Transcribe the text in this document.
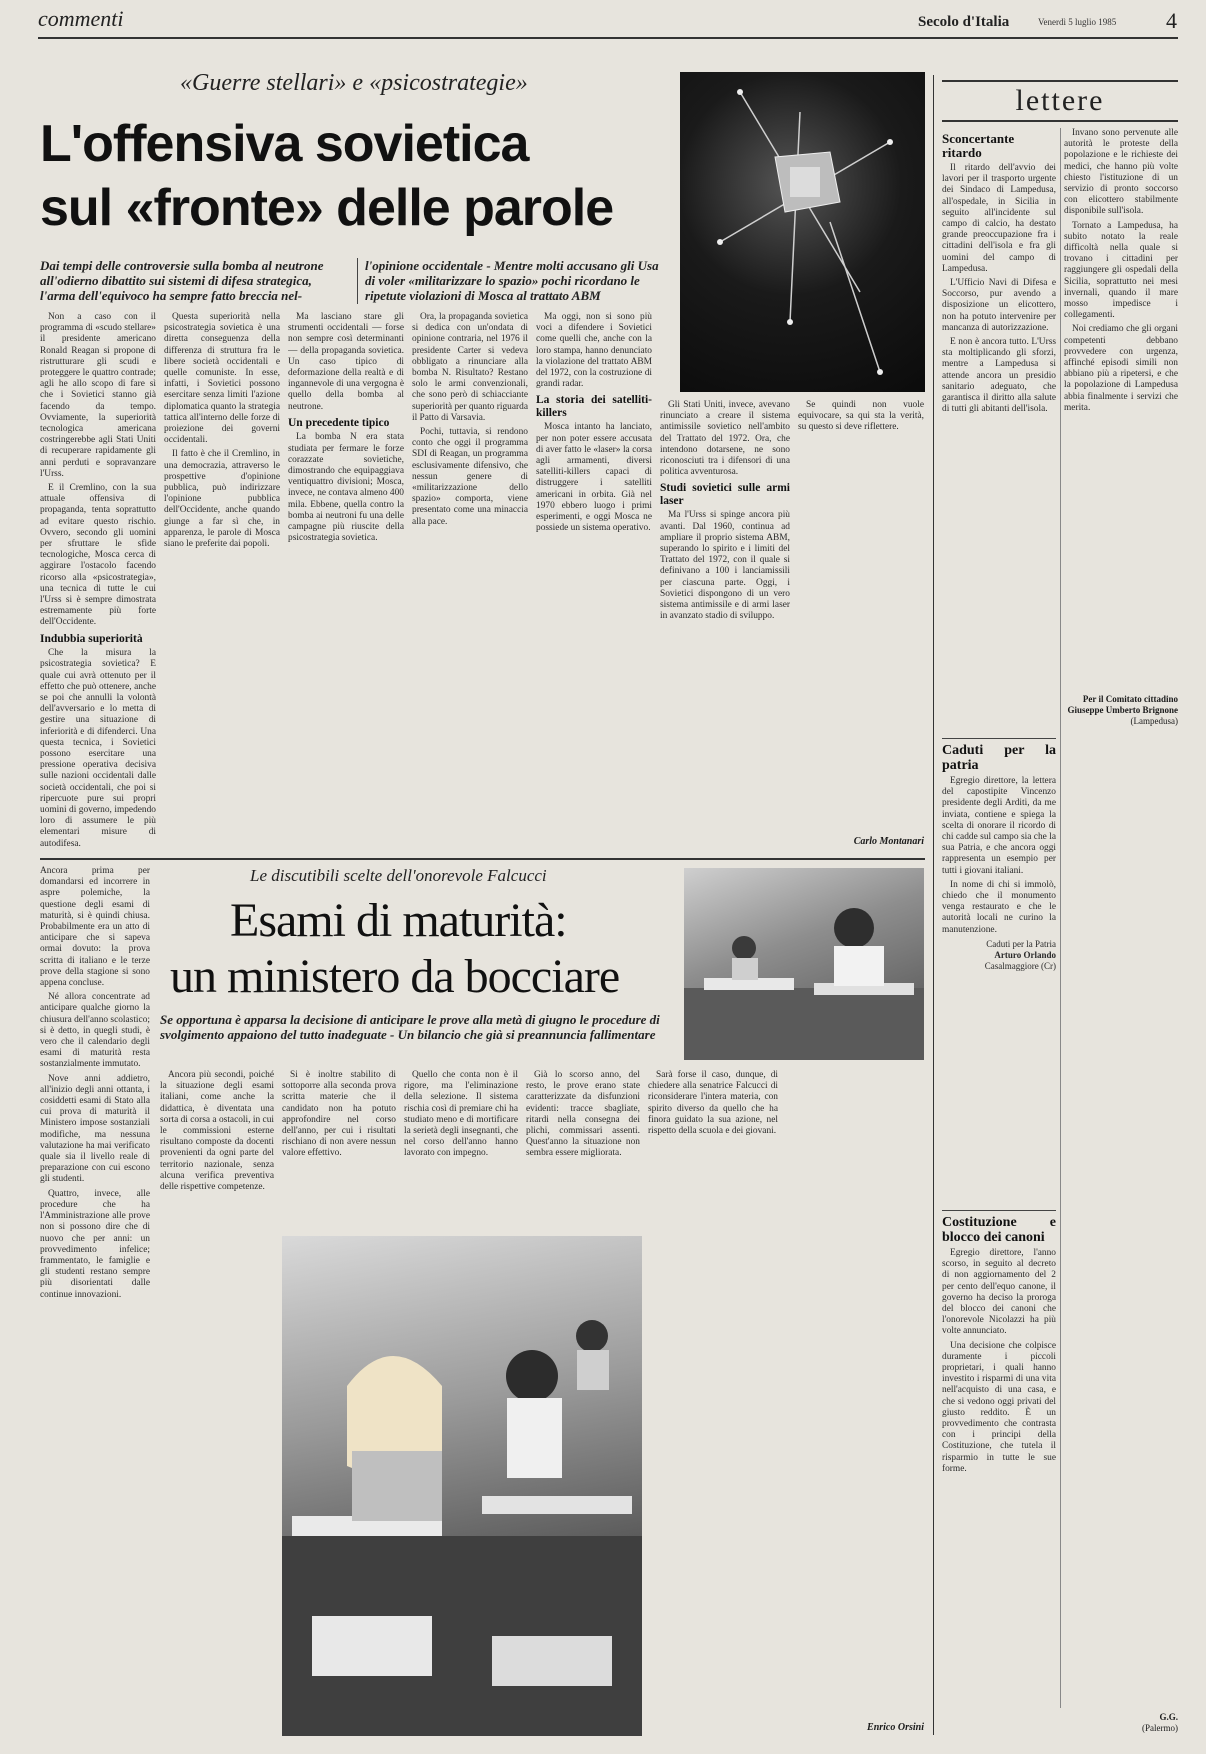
commenti	Secolo d'Italia	Venerdì 5 luglio 1985 4
«Guerre stellari» e «psicostrategie»
L'offensiva sovietica
sul «fronte» delle parole
Dai tempi delle controversie sulla bomba al neutrone all'odierno dibattito sui sistemi di difesa strategica, l'arma dell'equivoco ha sempre fatto breccia nel-
l'opinione occidentale - Mentre molti accusano gli Usa di voler «militarizzare lo spazio» pochi ricordano le ripetute violazioni di Mosca al trattato ABM

Non a caso con il programma di «scudo stellare» il presidente americano Ronald Reagan si propone di ristrutturare gli scudi e proteggere le quattro contrade; agli he allo scopo di fare sì che i Sovietici stanno già facendo da tempo. Ovviamente, la superiorità tecnologica americana costringerebbe agli Stati Uniti di recuperare rapidamente gli anni perduti e sopravanzare l'Urss.

E il Cremlino, con la sua attuale offensiva di propaganda, tenta soprattutto ad evitare questo rischio. Ovvero, secondo gli uomini per sfruttare le sfide tecnologiche, Mosca cerca di aggirare l'ostacolo facendo ricorso alla «psicostrategia», una tecnica di tutte le cui l'Urss si è sempre dimostrata estremamente più forte dell'Occidente.

Indubbia superiorità

Che la misura la psicostrategia sovietica? E quale cui avrà ottenuto per il effetto che può ottenere, anche se poi che annulli la volontà dell'avversario e lo metta di gestire una situazione di inferiorità e di difenderci. Una questa tecnica, i Sovietici possono esercitare una pressione operativa decisiva sulle nazioni occidentali dalle società occidentali, che poi si ripercuote pure sui propri uomini di governo, impedendo loro di assumere le più elementari misure di autodifesa.

Questa superiorità nella psicostrategia sovietica è una diretta conseguenza della differenza di struttura fra le libere società occidentali e quelle comuniste. In esse, infatti, i Sovietici possono esercitare senza limiti l'azione diplomatica quanto la strategia tattica all'interno delle forze di proiezione dei governi occidentali.

Il fatto è che il Cremlino, in una democrazia, attraverso le prospettive d'opinione pubblica, può indirizzare l'opinione pubblica dell'Occidente, anche quando giunge a far sì che, in apparenza, le parole di Mosca siano le preferite dai popoli.

Ma lasciano stare gli strumenti occidentali — forse non sempre così determinanti — della propaganda sovietica. Un caso tipico di deformazione della realtà e di ingannevole di una vergogna è quello della bomba al neutrone.

Un precedente tipico

La bomba N era stata studiata per fermare le forze corazzate sovietiche, dimostrando che equipaggiava ventiquattro divisioni; Mosca, invece, ne contava almeno 400 mila. Ebbene, quella contro la bomba ai neutroni fu una delle campagne più riuscite della psicostrategia sovietica.

Ora, la propaganda sovietica si dedica con un'ondata di opinione contraria, nel 1976 il presidente Carter si vedeva obbligato a rinunciare alla bomba N. Risultato? Restano solo le armi convenzionali, che sono però di schiacciante superiorità per quanto riguarda il Patto di Varsavia.

Pochi, tuttavia, si rendono conto che oggi il programma SDI di Reagan, un programma esclusivamente difensivo, che nessun genere di «militarizzazione dello spazio» comporta, viene presentato come una minaccia alla pace.

Ma oggi, non si sono più voci a difendere i Sovietici come quelli che, anche con la loro stampa, hanno denunciato la violazione del trattato ABM del 1972, con la costruzione di grandi radar.

La storia dei satelliti-killers

Mosca intanto ha lanciato, per non poter essere accusata di aver fatto le «laser» la corsa agli armamenti, diversi satelliti-killers capaci di distruggere i satelliti americani in orbita. Già nel 1970 ebbero luogo i primi esperimenti, e oggi Mosca ne possiede un sistema operativo.

Gli Stati Uniti, invece, avevano rinunciato a creare il sistema antimissile sovietico nell'ambito del Trattato del 1972. Ora, che intendono dotarsene, ne sono riconosciuti tra i difensori di una politica avventurosa.

Studi sovietici sulle armi laser

Ma l'Urss si spinge ancora più avanti. Dal 1960, continua ad ampliare il proprio sistema ABM, superando lo spirito e i limiti del Trattato del 1972, con il quale si definivano a 100 i lanciamissili per ciascuna parte. Oggi, i Sovietici dispongono di un vero sistema antimissile e di armi laser in avanzato stadio di sviluppo.

Se quindi non vuole equivocare, sa qui sta la verità, su questo si deve riflettere.

Carlo Montanari
Le discutibili scelte dell'onorevole Falcucci
Esami di maturità:
un ministero da bocciare
Se opportuna è apparsa la decisione di anticipare le prove alla metà di giugno le procedure di svolgimento appaiono del tutto inadeguate - Un bilancio che già si preannuncia fallimentare

Ancora prima per domandarsi ed incorrere in aspre polemiche, la questione degli esami di maturità, si è quindi chiusa. Probabilmente era un atto di anticipare che si sapeva ormai dovuto: la prova scritta di italiano e le terze prove della stagione si sono appena concluse.

Né allora concentrate ad anticipare qualche giorno la chiusura dell'anno scolastico; si è detto, in quegli studi, è vero che il calendario degli esami di maturità resta sostanzialmente immutato.

Nove anni addietro, all'inizio degli anni ottanta, i cosiddetti esami di Stato alla cui prova di maturità il Ministero impose sostanziali modifiche, ma nessuna valutazione ha mai verificato quale sia il livello reale di preparazione con cui escono gli studenti.

Quattro, invece, alle procedure che ha l'Amministrazione alle prove non si possono dire che di nuovo che per anni: un provvedimento infelice; frammentato, le famiglie e gli studenti restano sempre più disorientati dalle continue innovazioni.

Ancora più secondi, poiché la situazione degli esami italiani, come anche la didattica, è diventata una sorta di corsa a ostacoli, in cui le commissioni esterne risultano composte da docenti provenienti da ogni parte del territorio nazionale, senza alcuna verifica preventiva delle rispettive competenze.

Si è inoltre stabilito di sottoporre alla seconda prova scritta materie che il candidato non ha potuto approfondire nel corso dell'anno, per cui i risultati rischiano di non avere nessun valore effettivo.

Quello che conta non è il rigore, ma l'eliminazione della selezione. Il sistema rischia così di premiare chi ha studiato meno e di mortificare la serietà degli insegnanti, che nel corso dell'anno hanno lavorato con impegno.

Già lo scorso anno, del resto, le prove erano state caratterizzate da disfunzioni evidenti: tracce sbagliate, ritardi nella consegna dei plichi, commissari assenti. Quest'anno la situazione non sembra essere migliorata.

Sarà forse il caso, dunque, di chiedere alla senatrice Falcucci di riconsiderare l'intera materia, con spirito diverso da quello che ha finora guidato la sua azione, nel rispetto della scuola e dei giovani.

Enrico Orsini
lettere
Sconcertante ritardo

Il ritardo dell'avvio dei lavori per il trasporto urgente dei Sindaco di Lampedusa, all'ospedale, in Sicilia in seguito all'incidente sul campo di calcio, ha destato grande preoccupazione fra i cittadini dell'isola e fra gli uomini del campo di Lampedusa.

L'Ufficio Navi di Difesa e Soccorso, pur avendo a disposizione un elicottero, non ha potuto intervenire per mancanza di autorizzazione.

E non è ancora tutto. L'Urss sta moltiplicando gli sforzi, mentre a Lampedusa si attende ancora un presidio sanitario adeguato, che garantisca il diritto alla salute di tutti gli abitanti dell'isola.

Invano sono pervenute alle autorità le proteste della popolazione e le richieste dei medici, che hanno più volte chiesto l'istituzione di un servizio di pronto soccorso con elicottero stabilmente disponibile sull'isola.

Tornato a Lampedusa, ha subito notato la reale difficoltà nella quale si trovano i cittadini per raggiungere gli ospedali della Sicilia, soprattutto nei mesi invernali, quando il mare mosso impedisce i collegamenti.

Noi crediamo che gli organi competenti debbano provvedere con urgenza, affinché episodi simili non abbiano più a ripetersi, e che la popolazione di Lampedusa abbia finalmente i servizi che merita.

Per il Comitato cittadino
Giuseppe Umberto Brignone
(Lampedusa)
Caduti per la patria

Egregio direttore, la lettera del capostipite Vincenzo presidente degli Arditi, da me inviata, contiene e spiega la scelta di onorare il ricordo di chi cadde sul campo sia che la sua Patria, e che ancora oggi rappresenta un esempio per tutti i giovani italiani.

In nome di chi si immolò, chiedo che il monumento venga restaurato e che le autorità locali ne curino la manutenzione.

Caduti per la Patria
Arturo Orlando
Casalmaggiore (Cr)
Costituzione e blocco dei canoni

Egregio direttore, l'anno scorso, in seguito al decreto di non aggiornamento del 2 per cento dell'equo canone, il governo ha deciso la proroga del blocco dei canoni che l'onorevole Nicolazzi ha più volte annunciato.

Una decisione che colpisce duramente i piccoli proprietari, i quali hanno investito i risparmi di una vita nell'acquisto di una casa, e che si vedono oggi privati del giusto reddito. È un provvedimento che contrasta con i principi della Costituzione, che tutela il risparmio in tutte le sue forme.

G.G.
(Palermo)
